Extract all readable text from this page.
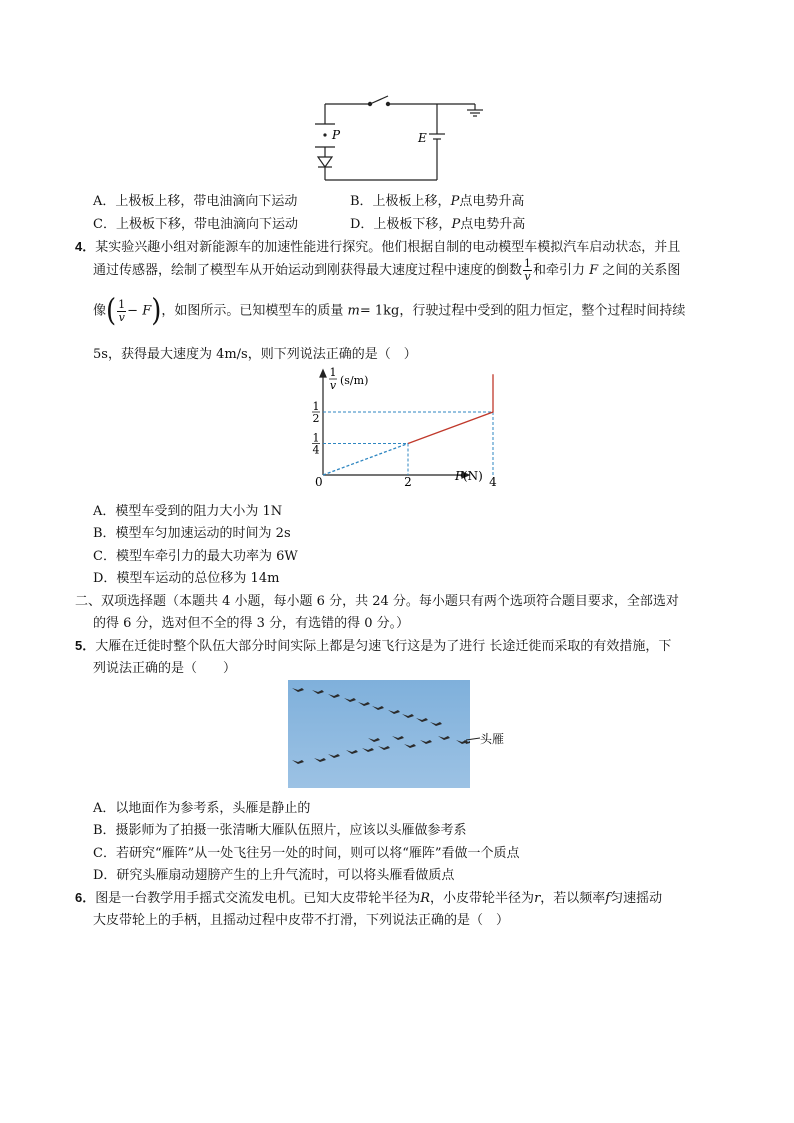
P	E
A．上极板上移，带电油滴向下运动	B．上极板上移，P点电势升高
C．上极板下移，带电油滴向下运动	D．上极板下移，P点电势升高
4．某实验兴趣小组对新能源车的加速性能进行探究。他们根据自制的电动模型车模拟汽车启动状态，并且
通过传感器，绘制了模型车从开始运动到刚获得最大速度过程中速度的倒数 $\frac{1}{v}$ 和牵引力 F 之间的关系图
像( $\frac{1}{v} - F$)，如图所示。已知模型车的质量 m= 1kg，行驶过程中受到的阻力恒定，整个过程时间持续
5s，获得最大速度为 4m/s，则下列说法正确的是（　）
1
v (s/m)
F (N)
0	2	4
1
2
1
4
A．模型车受到的阻力大小为 1N
B．模型车匀加速运动的时间为 2s
C．模型车牵引力的最大功率为 6W
D．模型车运动的总位移为 14m
二、双项选择题（本题共 4 小题，每小题 6 分，共 24 分。每小题只有两个选项符合题目要求，全部选对
的得 6 分，选对但不全的得 3 分，有选错的得 0 分。）
5．大雁在迁徙时整个队伍大部分时间实际上都是匀速飞行这是为了进行 长途迁徙而采取的有效措施，下
列说法正确的是（　　）
头雁
A．以地面作为参考系，头雁是静止的
B．摄影师为了拍摄一张清晰大雁队伍照片，应该以头雁做参考系
C．若研究“雁阵”从一处飞往另一处的时间，则可以将“雁阵”看做一个质点
D．研究头雁扇动翅膀产生的上升气流时，可以将头雁看做质点
6．图是一台教学用手摇式交流发电机。已知大皮带轮半径为R，小皮带轮半径为r，若以频率f匀速摇动
大皮带轮上的手柄，且摇动过程中皮带不打滑，下列说法正确的是（　）
